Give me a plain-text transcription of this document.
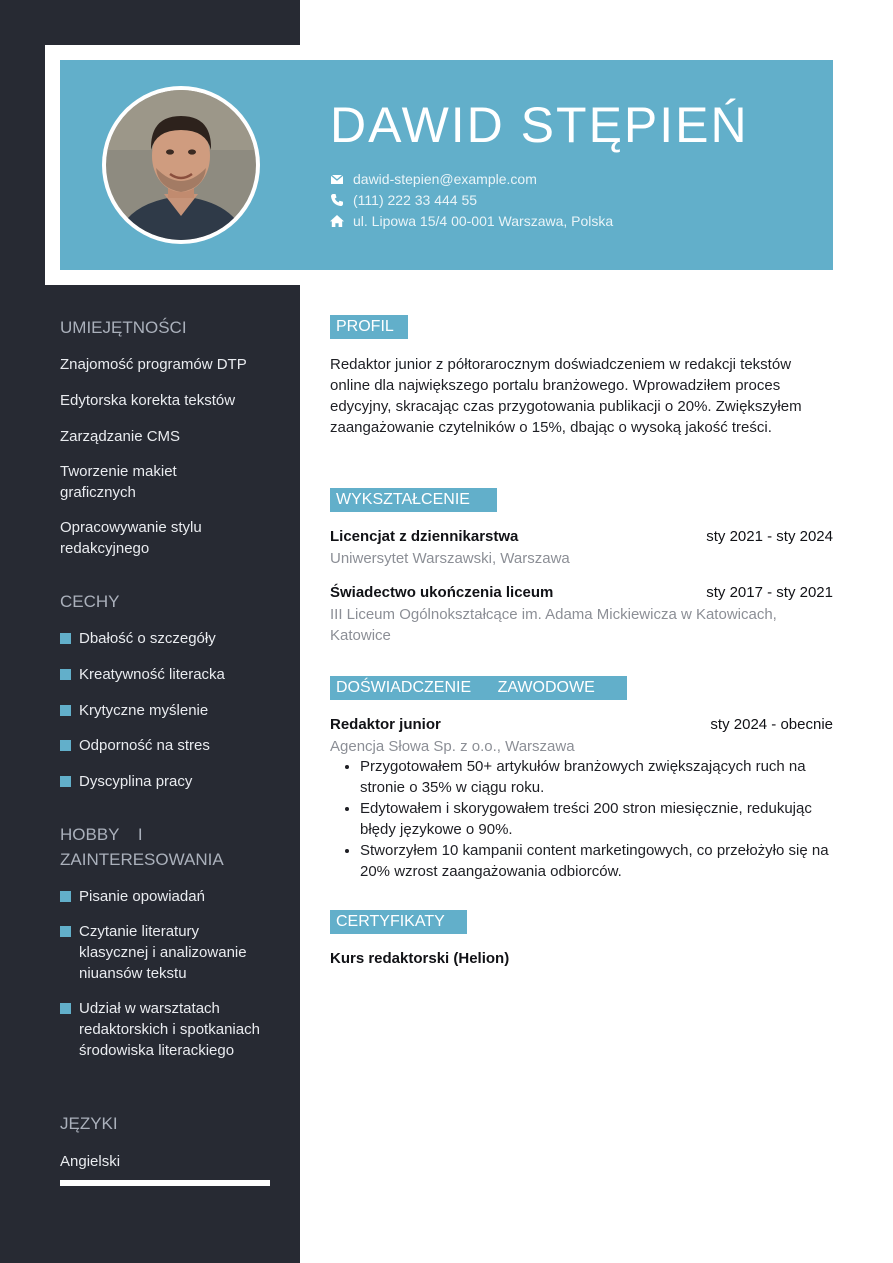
DAWID STĘPIEŃ
dawid-stepien@example.com
(111) 222 33 444 55
ul. Lipowa 15/4 00-001 Warszawa, Polska
UMIEJĘTNOŚCI
Znajomość programów DTP
Edytorska korekta tekstów
Zarządzanie CMS
Tworzenie makiet graficznych
Opracowywanie stylu redakcyjnego
CECHY
Dbałość o szczegóły
Kreatywność literacka
Krytyczne myślenie
Odporność na stres
Dyscyplina pracy
HOBBY I ZAINTERESOWANIA
Pisanie opowiadań
Czytanie literatury klasycznej i analizowanie niuansów tekstu
Udział w warsztatach redaktorskich i spotkaniach środowiska literackiego
JĘZYKI
Angielski
PROFIL
Redaktor junior z półtorarocznym doświadczeniem w redakcji tekstów online dla największego portalu branżowego. Wprowadziłem proces edycyjny, skracając czas przygotowania publikacji o 20%. Zwiększyłem zaangażowanie czytelników o 15%, dbając o wysoką jakość treści.
WYKSZTAŁCENIE
Licencjat z dziennikarstwa	sty 2021 - sty 2024
Uniwersytet Warszawski, Warszawa
Świadectwo ukończenia liceum	sty 2017 - sty 2021
III Liceum Ogólnokształcące im. Adama Mickiewicza w Katowicach, Katowice
DOŚWIADCZENIE ZAWODOWE
Redaktor junior	sty 2024 - obecnie
Agencja Słowa Sp. z o.o., Warszawa
• Przygotowałem 50+ artykułów branżowych zwiększających ruch na stronie o 35% w ciągu roku.
• Edytowałem i skorygowałem treści 200 stron miesięcznie, redukując błędy językowe o 90%.
• Stworzyłem 10 kampanii content marketingowych, co przełożyło się na 20% wzrost zaangażowania odbiorców.
CERTYFIKATY
Kurs redaktorski (Helion)
